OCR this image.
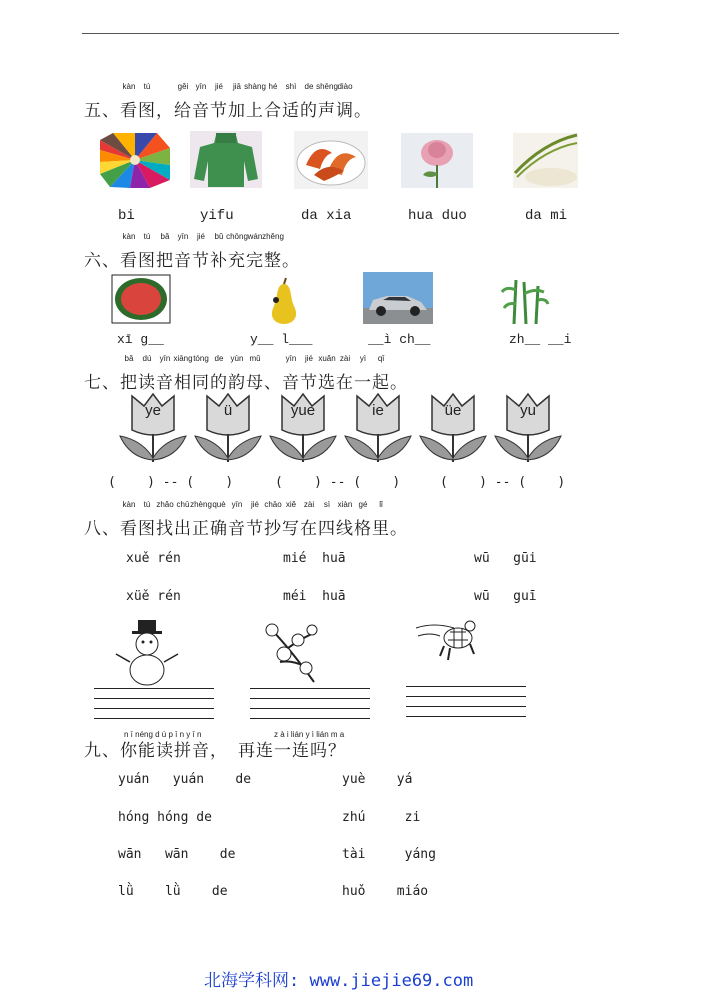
五、看
kàn
图
tú
，给
gěi
音
yīn
节
jié
加
jiā
上
shàng
合
hé
适
shì
的
de
声
shēng
调
diào
。
bi	yifu	da xia	hua duo	da mi
六、看
kàn
图
tú
把
bǎ
音
yīn
节
jié
补
bǔ
充
chōng
完
wán
整
zhěng
。
xī g__	y__ l___	__ì ch__	zh__ __i
七、把
bǎ
读
dú
音
yīn
相
xiāng
同
tóng
的
de
韵
yùn
母
mǔ
、音
yīn
节
jié
选
xuǎn
在
zài
一
yì
起
qǐ
。
ye	ü	yue	ie	üe	yu
(    ) -- (    )	(    ) -- (    )	(    ) -- (    )
八、看
kàn
图
tú
找
zhǎo
出
chū
正
zhèng
确
què
音
yīn
节
jié
抄
chāo
写
xiě
在
zài
四
sì
线
xiàn
格
gé
里
lǐ
。
xuě rén	mié  huā	wū   gūi
xüě rén	méi  huā	wū   guī
n ī néng d ú p ī n y ī n	z à i lián y ì lián m a
九、你能读拼音， 再连一连吗？
yuán   yuán    de
hóng hóng de
wān   wān    de
lǜ    lǜ    de
yuè    yá
zhú     zi
tài     yáng
huǒ    miáo
北海学科网: www.jiejie69.com
